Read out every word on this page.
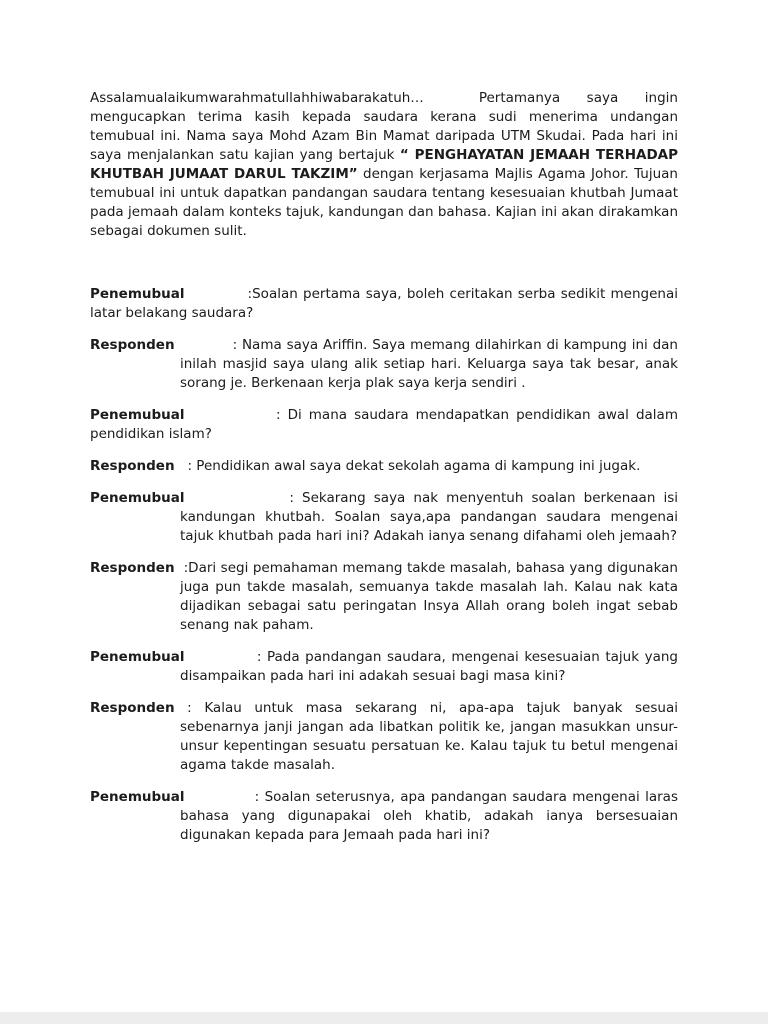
Assalamualaikumwarahmatullahhiwabarakatuh…	Pertamanya saya ingin mengucapkan terima kasih kepada saudara kerana sudi menerima undangan temubual ini. Nama saya Mohd Azam Bin Mamat daripada UTM Skudai. Pada hari ini saya menjalankan satu kajian yang bertajuk “ PENGHAYATAN JEMAAH TERHADAP KHUTBAH JUMAAT DARUL TAKZIM” dengan kerjasama Majlis Agama Johor. Tujuan temubual ini untuk dapatkan pandangan saudara tentang kesesuaian khutbah Jumaat pada jemaah dalam konteks tajuk, kandungan dan bahasa. Kajian ini akan dirakamkan sebagai dokumen sulit.

Penemubual            :Soalan pertama saya, boleh ceritakan serba sedikit mengenai latar belakang saudara?

Responden            : Nama saya Ariffin. Saya memang dilahirkan di kampung ini dan inilah masjid saya ulang alik setiap hari. Keluarga saya tak besar, anak sorang je. Berkenaan kerja plak saya kerja sendiri .

Penemubual             : Di mana saudara mendapatkan pendidikan awal dalam pendidikan islam?

Responden   : Pendidikan awal saya dekat sekolah agama di kampung ini jugak.

Penemubual             : Sekarang saya nak menyentuh soalan berkenaan isi kandungan khutbah. Soalan saya,apa pandangan saudara mengenai tajuk khutbah pada hari ini? Adakah ianya senang difahami oleh jemaah?

Responden  :Dari segi pemahaman memang takde masalah, bahasa yang digunakan juga pun takde masalah, semuanya takde masalah lah. Kalau nak kata dijadikan sebagai satu peringatan Insya Allah orang boleh ingat sebab senang nak paham.

Penemubual             : Pada pandangan saudara, mengenai kesesuaian tajuk yang disampaikan pada hari ini adakah sesuai bagi masa kini?

Responden : Kalau untuk masa sekarang ni, apa-apa tajuk banyak sesuai sebenarnya janji jangan ada libatkan politik ke, jangan masukkan unsur-unsur kepentingan sesuatu persatuan ke. Kalau tajuk tu betul mengenai agama takde masalah.

Penemubual             : Soalan seterusnya, apa pandangan saudara mengenai laras bahasa yang digunapakai oleh khatib, adakah ianya bersesuaian digunakan kepada para Jemaah pada hari ini?
